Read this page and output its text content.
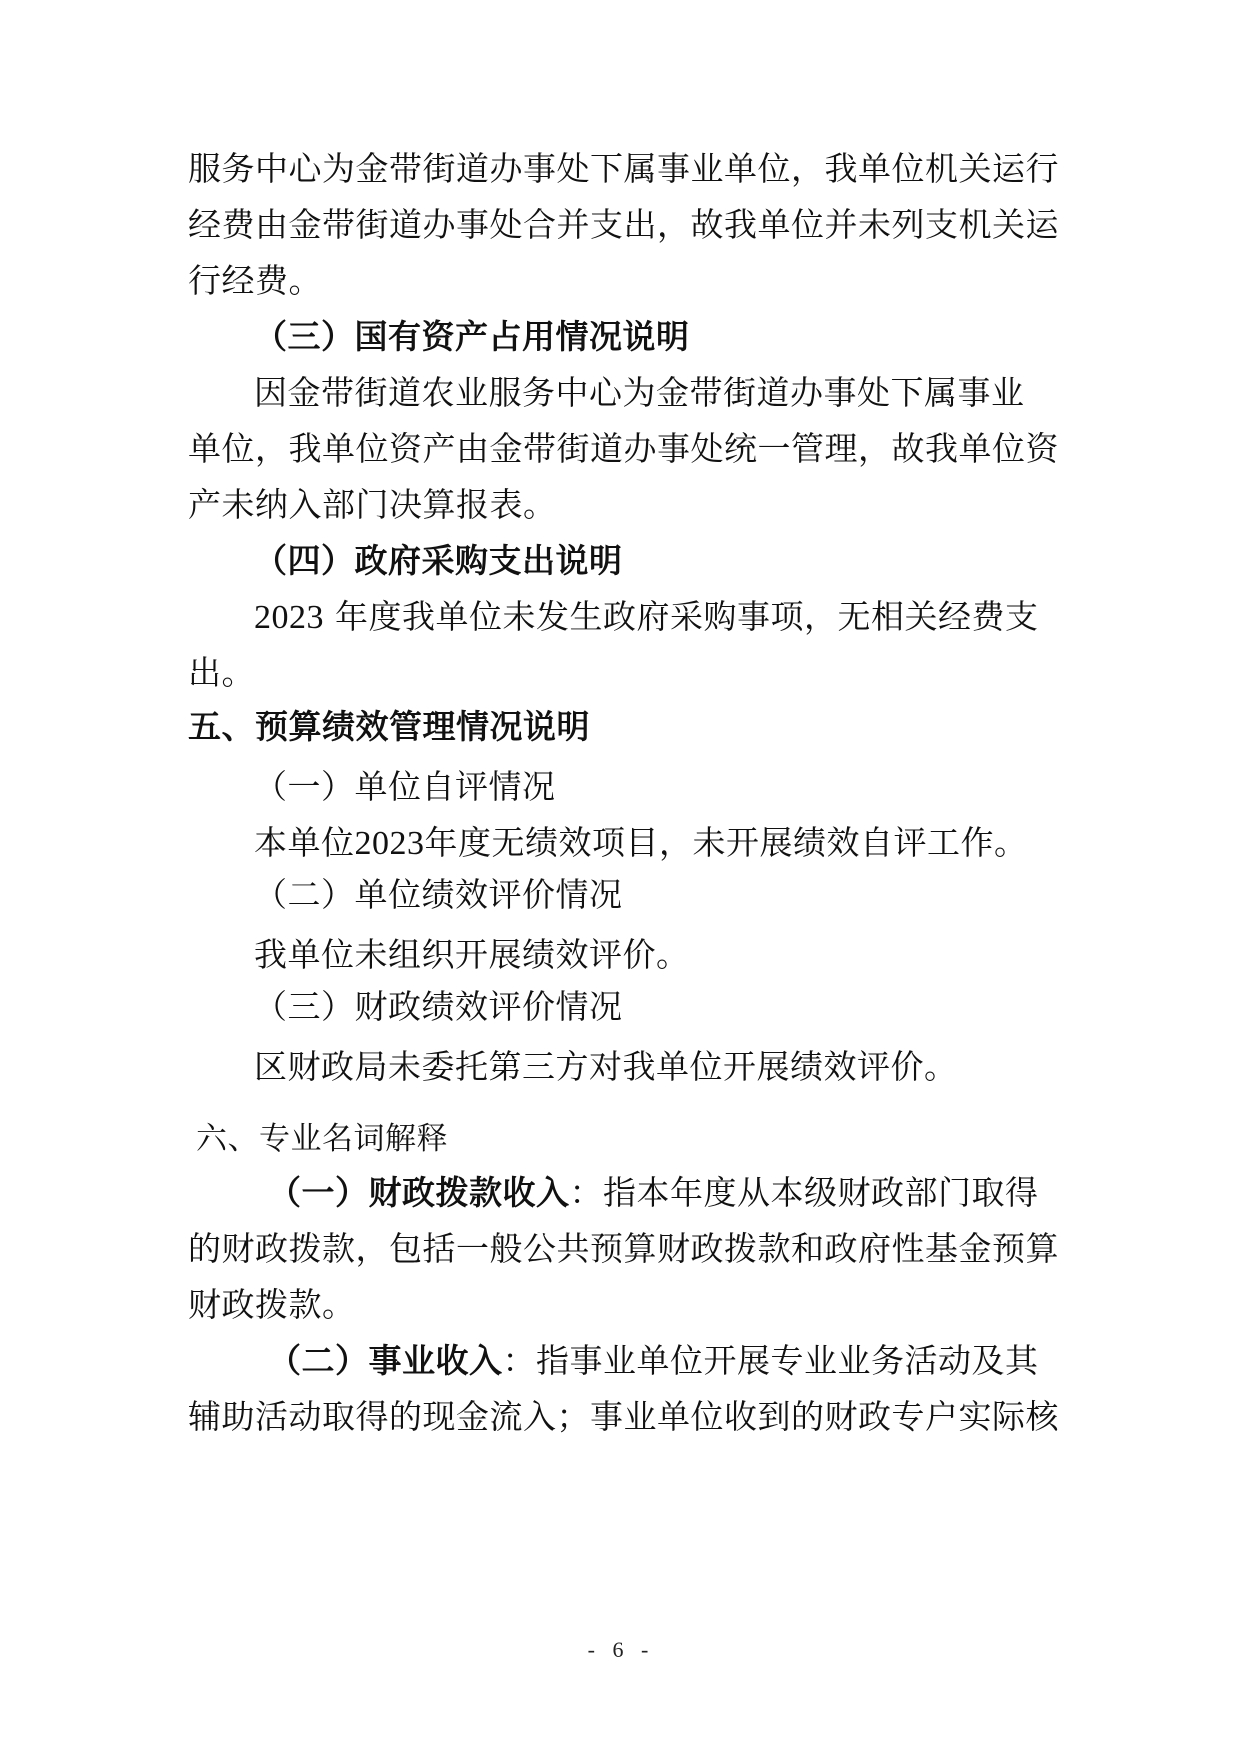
服务中心为金带街道办事处下属事业单位，我单位机关运行
经费由金带街道办事处合并支出，故我单位并未列支机关运
行经费。
（三）国有资产占用情况说明
因金带街道农业服务中心为金带街道办事处下属事业
单位，我单位资产由金带街道办事处统一管理，故我单位资
产未纳入部门决算报表。
（四）政府采购支出说明
2023 年度我单位未发生政府采购事项，无相关经费支
出。
五、预算绩效管理情况说明
（一）单位自评情况
本单位2023年度无绩效项目，未开展绩效自评工作。
（二）单位绩效评价情况
我单位未组织开展绩效评价。
（三）财政绩效评价情况
区财政局未委托第三方对我单位开展绩效评价。
六、专业名词解释
（一）财政拨款收入：指本年度从本级财政部门取得
的财政拨款，包括一般公共预算财政拨款和政府性基金预算
财政拨款。
（二）事业收入：指事业单位开展专业业务活动及其
辅助活动取得的现金流入；事业单位收到的财政专户实际核
- 6 -
